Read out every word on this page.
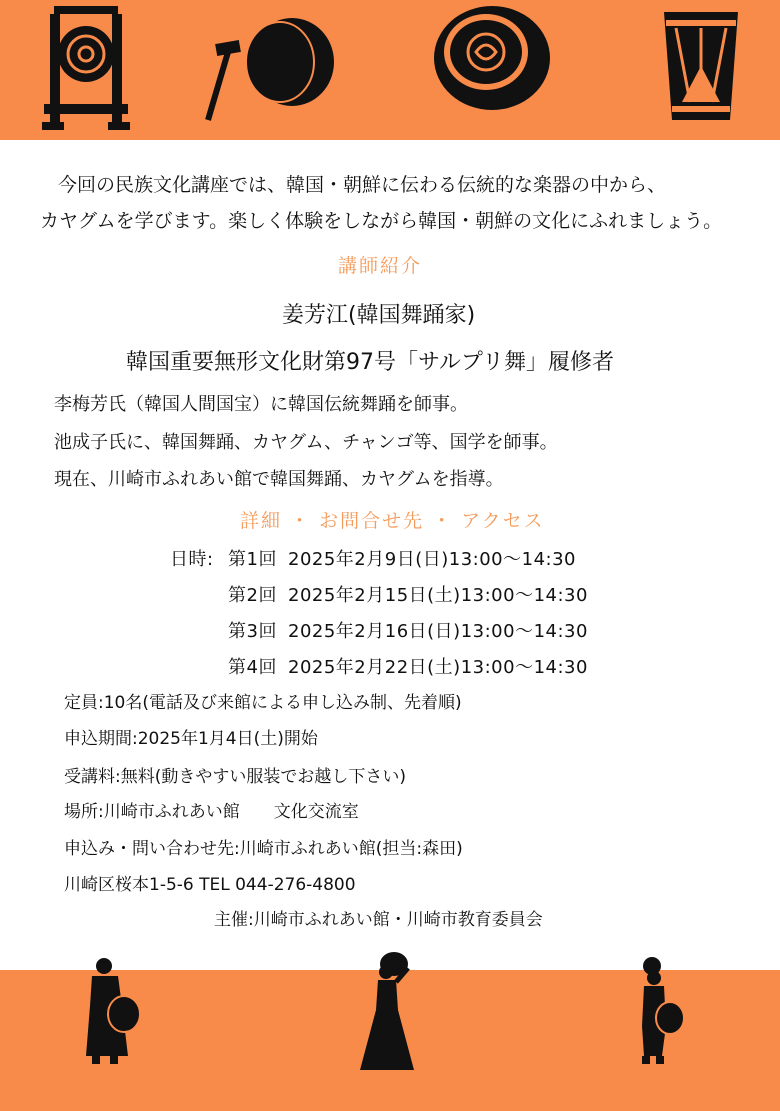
今回の民族文化講座では、韓国・朝鮮に伝わる伝統的な楽器の中から、
カヤグムを学びます。楽しく体験をしながら韓国・朝鮮の文化にふれましょう。
講師紹介
姜芳江(韓国舞踊家)
韓国重要無形文化財第97号「サルプリ舞」履修者
李梅芳氏（韓国人間国宝）に韓国伝統舞踊を師事。
池成子氏に、韓国舞踊、カヤグム、チャンゴ等、国学を師事。
現在、川崎市ふれあい館で韓国舞踊、カヤグムを指導。
詳細 ・ お問合せ先 ・ アクセス
日時: 第1回 2025年2月9日(日)13:00～14:30
第2回 2025年2月15日(土)13:00～14:30
第3回 2025年2月16日(日)13:00～14:30
第4回 2025年2月22日(土)13:00～14:30
定員:10名(電話及び来館による申し込み制、先着順)
申込期間:2025年1月4日(土)開始
受講料:無料(動きやすい服装でお越し下さい)
場所:川崎市ふれあい館　　文化交流室
申込み・問い合わせ先:川崎市ふれあい館(担当:森田)
川崎区桜本1-5-6 TEL 044-276-4800
主催:川崎市ふれあい館・川崎市教育委員会
